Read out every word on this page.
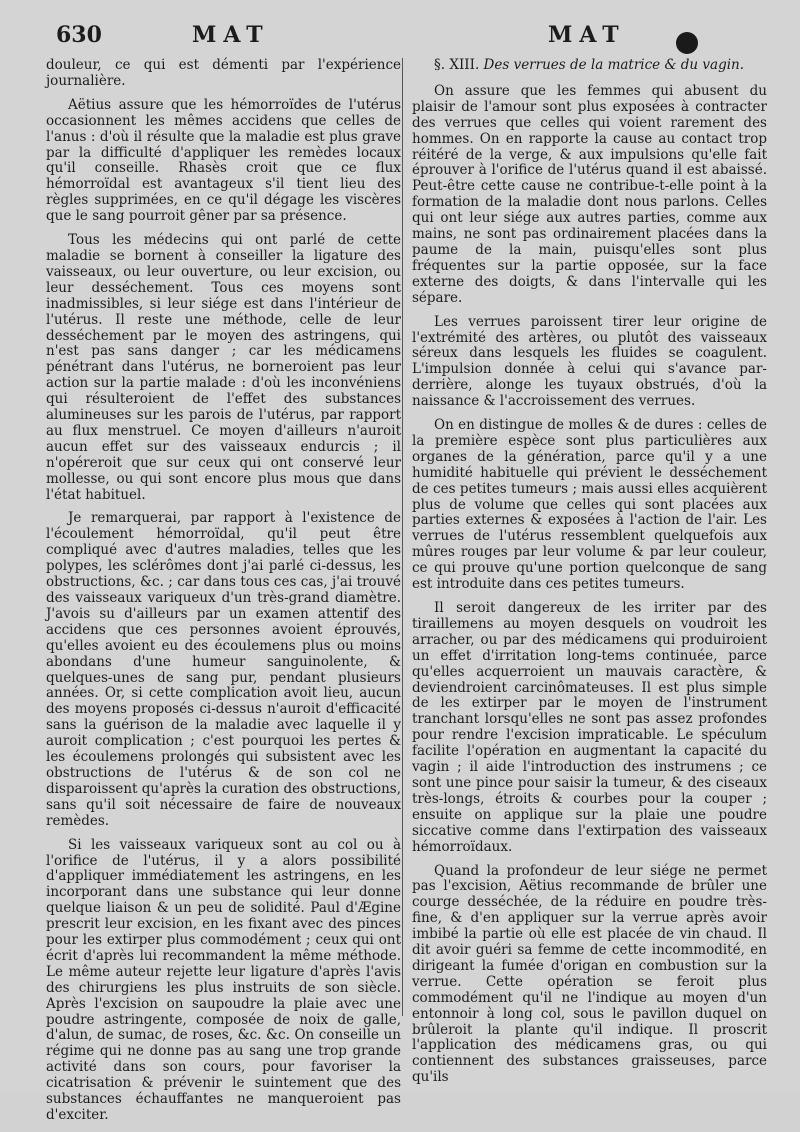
630	MAT	MAT

douleur, ce qui est démenti par l'expérience journalière.

Aëtius assure que les hémorroïdes de l'utérus occasionnent les mêmes accidens que celles de l'anus : d'où il résulte que la maladie est plus grave par la difficulté d'appliquer les remèdes locaux qu'il conseille. Rhasès croit que ce flux hémorroïdal est avantageux s'il tient lieu des règles supprimées, en ce qu'il dégage les viscères que le sang pourroit gêner par sa présence.

Tous les médecins qui ont parlé de cette maladie se bornent à conseiller la ligature des vaisseaux, ou leur ouverture, ou leur excision, ou leur desséchement. Tous ces moyens sont inadmissibles, si leur siége est dans l'intérieur de l'utérus. Il reste une méthode, celle de leur desséchement par le moyen des astringens, qui n'est pas sans danger ; car les médicamens pénétrant dans l'utérus, ne borneroient pas leur action sur la partie malade : d'où les inconvéniens qui résulteroient de l'effet des substances alumineuses sur les parois de l'utérus, par rapport au flux menstruel. Ce moyen d'ailleurs n'auroit aucun effet sur des vaisseaux endurcis ; il n'opéreroit que sur ceux qui ont conservé leur mollesse, ou qui sont encore plus mous que dans l'état habituel.

Je remarquerai, par rapport à l'existence de l'écoulement hémorroïdal, qu'il peut être compliqué avec d'autres maladies, telles que les polypes, les sclérômes dont j'ai parlé ci-dessus, les obstructions, &c. ; car dans tous ces cas, j'ai trouvé des vaisseaux variqueux d'un très-grand diamètre. J'avois su d'ailleurs par un examen attentif des accidens que ces personnes avoient éprouvés, qu'elles avoient eu des écoulemens plus ou moins abondans d'une humeur sanguinolente, & quelques-unes de sang pur, pendant plusieurs années. Or, si cette complication avoit lieu, aucun des moyens proposés ci-dessus n'auroit d'efficacité sans la guérison de la maladie avec laquelle il y auroit complication ; c'est pourquoi les pertes & les écoulemens prolongés qui subsistent avec les obstructions de l'utérus & de son col ne disparoissent qu'après la curation des obstructions, sans qu'il soit nécessaire de faire de nouveaux remèdes.

Si les vaisseaux variqueux sont au col ou à l'orifice de l'utérus, il y a alors possibilité d'appliquer immédiatement les astringens, en les incorporant dans une substance qui leur donne quelque liaison & un peu de solidité. Paul d'Ægine prescrit leur excision, en les fixant avec des pinces pour les extirper plus commodément ; ceux qui ont écrit d'après lui recommandent la même méthode. Le même auteur rejette leur ligature d'après l'avis des chirurgiens les plus instruits de son siècle. Après l'excision on saupoudre la plaie avec une poudre astringente, composée de noix de galle, d'alun, de sumac, de roses, &c. &c. On conseille un régime qui ne donne pas au sang une trop grande activité dans son cours, pour favoriser la cicatrisation & prévenir le suintement que des substances échauffantes ne manqueroient pas d'exciter.

§. XIII. Des verrues de la matrice & du vagin.

On assure que les femmes qui abusent du plaisir de l'amour sont plus exposées à contracter des verrues que celles qui voient rarement des hommes. On en rapporte la cause au contact trop réitéré de la verge, & aux impulsions qu'elle fait éprouver à l'orifice de l'utérus quand il est abaissé. Peut-être cette cause ne contribue-t-elle point à la formation de la maladie dont nous parlons. Celles qui ont leur siége aux autres parties, comme aux mains, ne sont pas ordinairement placées dans la paume de la main, puisqu'elles sont plus fréquentes sur la partie opposée, sur la face externe des doigts, & dans l'intervalle qui les sépare.

Les verrues paroissent tirer leur origine de l'extrémité des artères, ou plutôt des vaisseaux séreux dans lesquels les fluides se coagulent. L'impulsion donnée à celui qui s'avance par-derrière, alonge les tuyaux obstrués, d'où la naissance & l'accroissement des verrues.

On en distingue de molles & de dures : celles de la première espèce sont plus particulières aux organes de la génération, parce qu'il y a une humidité habituelle qui prévient le desséchement de ces petites tumeurs ; mais aussi elles acquièrent plus de volume que celles qui sont placées aux parties externes & exposées à l'action de l'air. Les verrues de l'utérus ressemblent quelquefois aux mûres rouges par leur volume & par leur couleur, ce qui prouve qu'une portion quelconque de sang est introduite dans ces petites tumeurs.

Il seroit dangereux de les irriter par des tiraillemens au moyen desquels on voudroit les arracher, ou par des médicamens qui produiroient un effet d'irritation long-tems continuée, parce qu'elles acquerroient un mauvais caractère, & deviendroient carcinômateuses. Il est plus simple de les extirper par le moyen de l'instrument tranchant lorsqu'elles ne sont pas assez profondes pour rendre l'excision impraticable. Le spéculum facilite l'opération en augmentant la capacité du vagin ; il aide l'introduction des instrumens ; ce sont une pince pour saisir la tumeur, & des ciseaux très-longs, étroits & courbes pour la couper ; ensuite on applique sur la plaie une poudre siccative comme dans l'extirpation des vaisseaux hémorroïdaux.

Quand la profondeur de leur siége ne permet pas l'excision, Aëtius recommande de brûler une courge desséchée, de la réduire en poudre très-fine, & d'en appliquer sur la verrue après avoir imbibé la partie où elle est placée de vin chaud. Il dit avoir guéri sa femme de cette incommodité, en dirigeant la fumée d'origan en combustion sur la verrue. Cette opération se feroit plus commodément qu'il ne l'indique au moyen d'un entonnoir à long col, sous le pavillon duquel on brûleroit la plante qu'il indique. Il proscrit l'application des médicamens gras, ou qui contiennent des substances graisseuses, parce qu'ils
